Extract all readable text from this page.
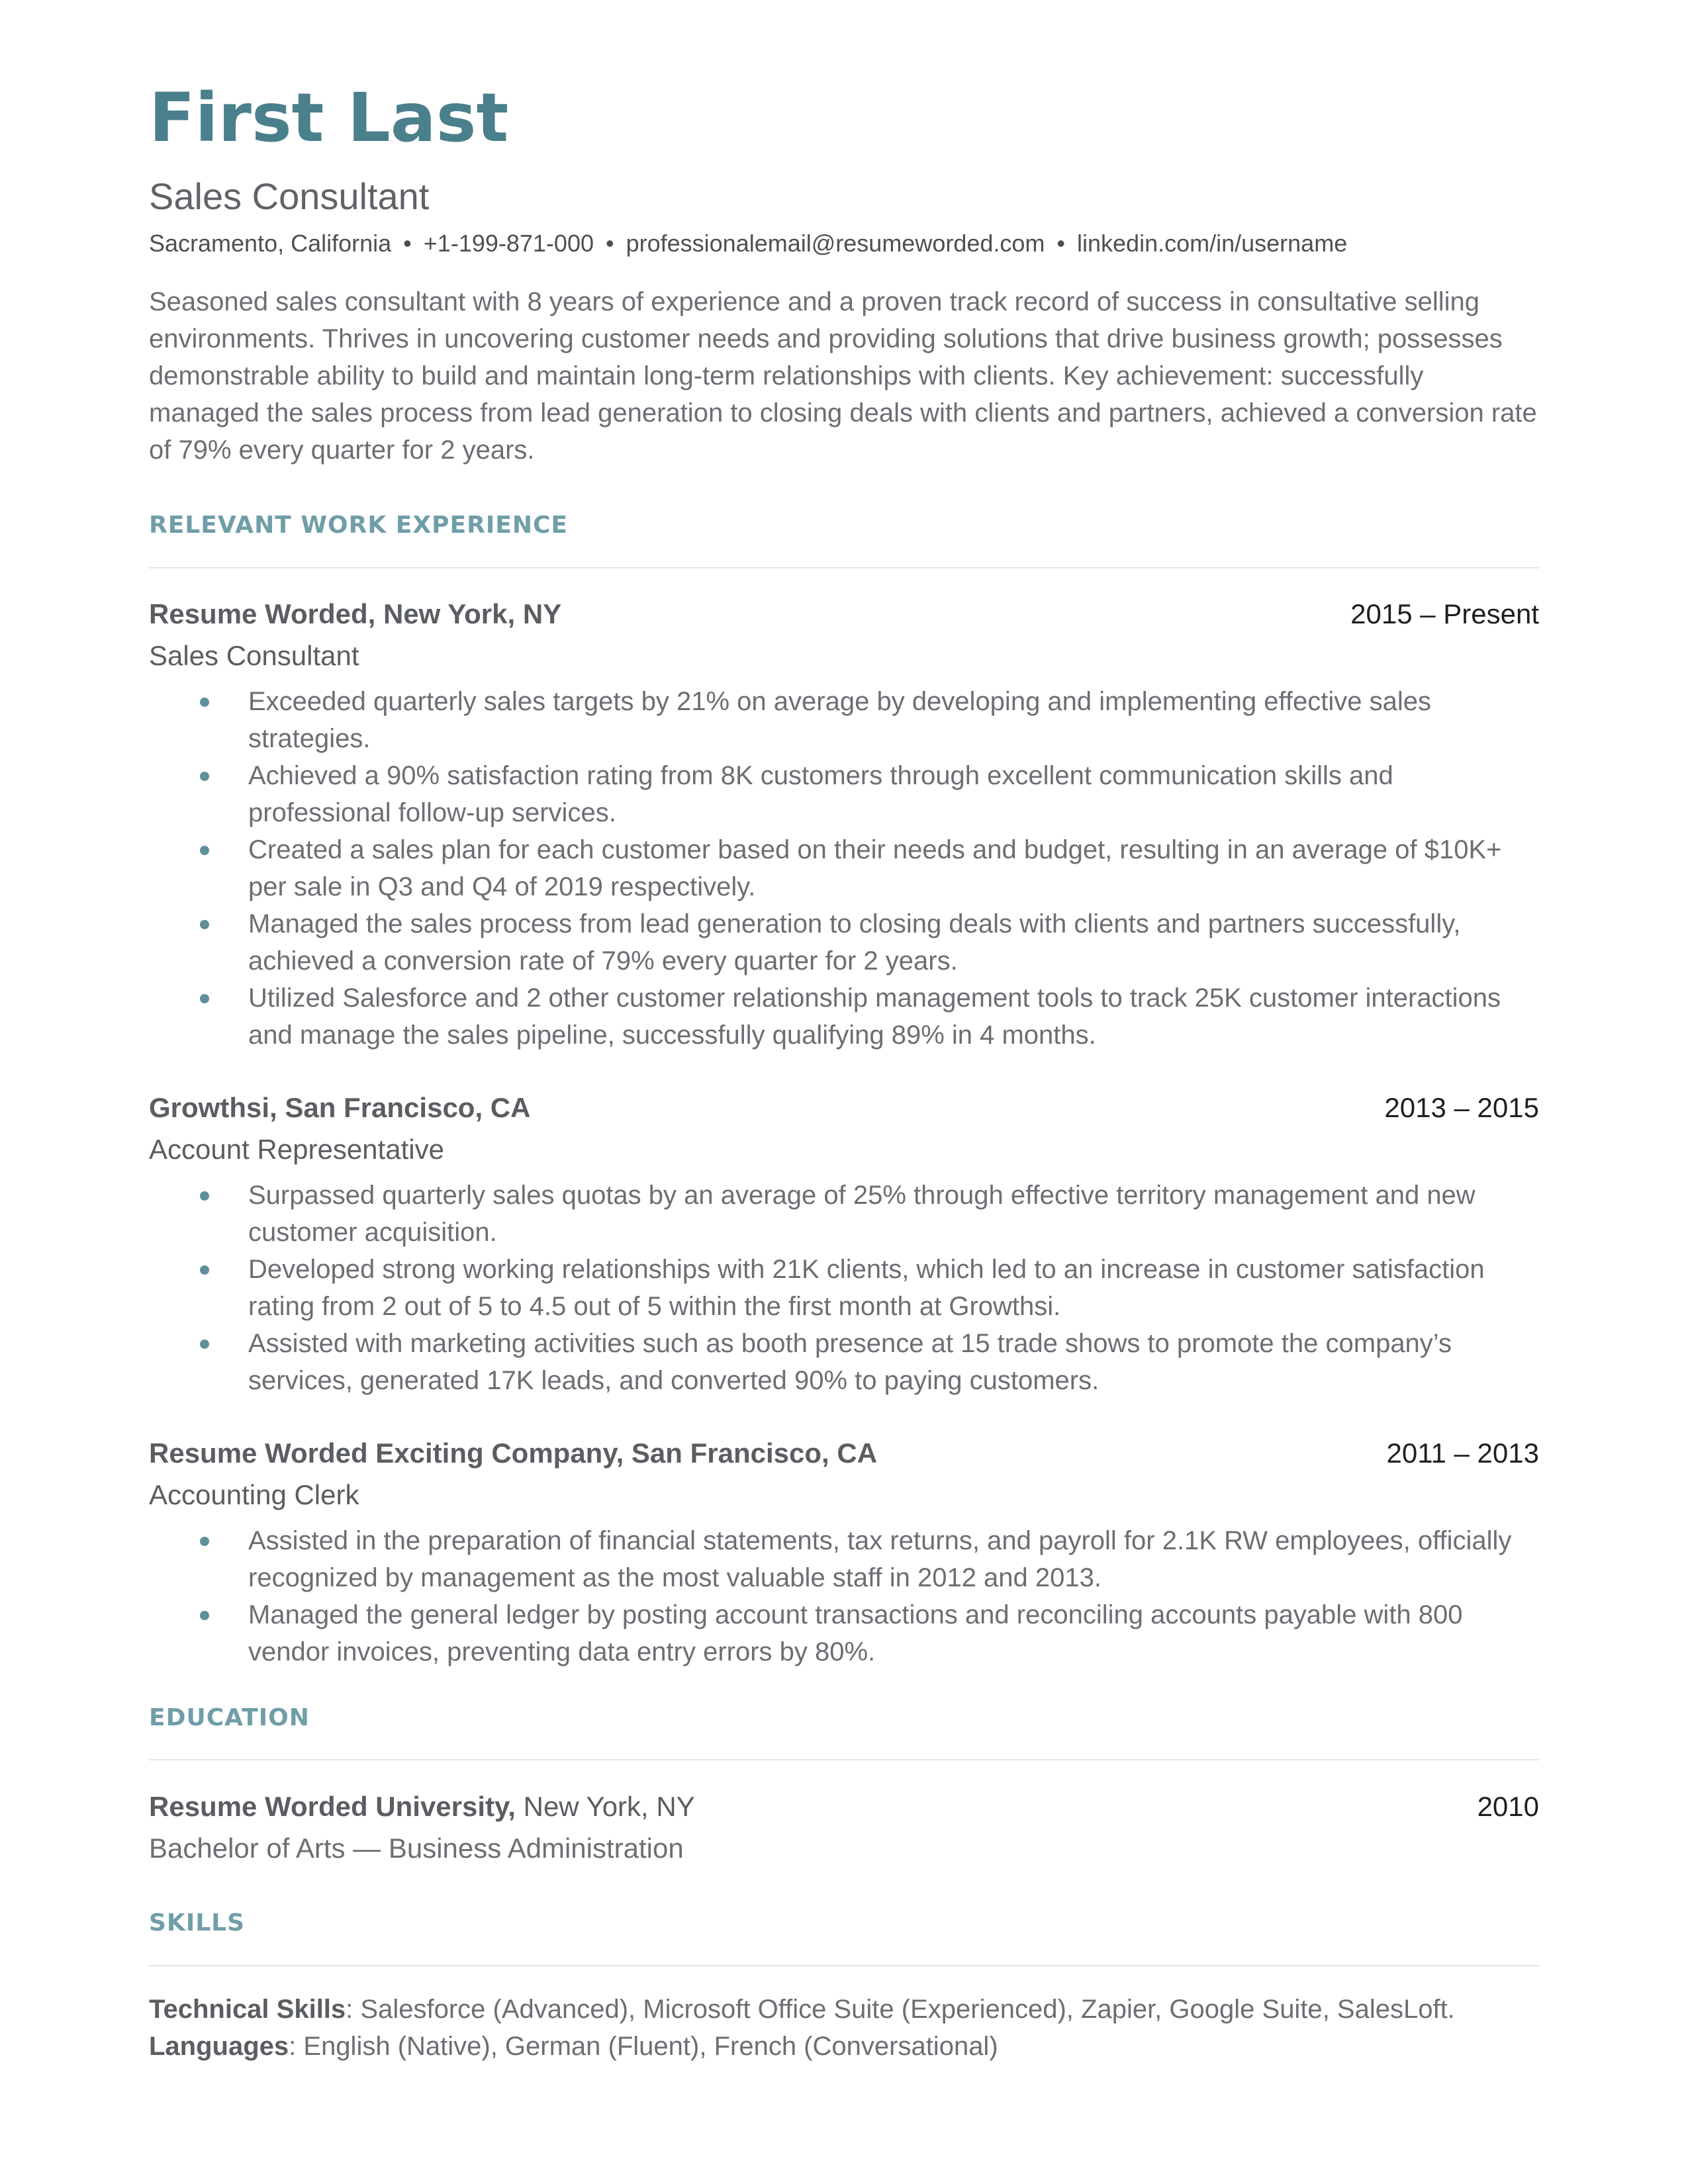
First Last
Sales Consultant
Sacramento, California • +1-199-871-000 • professionalemail@resumeworded.com • linkedin.com/in/username

Seasoned sales consultant with 8 years of experience and a proven track record of success in consultative selling environments. Thrives in uncovering customer needs and providing solutions that drive business growth; possesses demonstrable ability to build and maintain long-term relationships with clients. Key achievement: successfully managed the sales process from lead generation to closing deals with clients and partners, achieved a conversion rate of 79% every quarter for 2 years.

RELEVANT WORK EXPERIENCE
Resume Worded, New York, NY	2015 – Present
Sales Consultant
Exceeded quarterly sales targets by 21% on average by developing and implementing effective sales strategies.
Achieved a 90% satisfaction rating from 8K customers through excellent communication skills and professional follow-up services.
Created a sales plan for each customer based on their needs and budget, resulting in an average of $10K+ per sale in Q3 and Q4 of 2019 respectively.
Managed the sales process from lead generation to closing deals with clients and partners successfully, achieved a conversion rate of 79% every quarter for 2 years.
Utilized Salesforce and 2 other customer relationship management tools to track 25K customer interactions and manage the sales pipeline, successfully qualifying 89% in 4 months.
Growthsi, San Francisco, CA	2013 – 2015
Account Representative
Surpassed quarterly sales quotas by an average of 25% through effective territory management and new customer acquisition.
Developed strong working relationships with 21K clients, which led to an increase in customer satisfaction rating from 2 out of 5 to 4.5 out of 5 within the first month at Growthsi.
Assisted with marketing activities such as booth presence at 15 trade shows to promote the company’s services, generated 17K leads, and converted 90% to paying customers.
Resume Worded Exciting Company, San Francisco, CA	2011 – 2013
Accounting Clerk
Assisted in the preparation of financial statements, tax returns, and payroll for 2.1K RW employees, officially recognized by management as the most valuable staff in 2012 and 2013.
Managed the general ledger by posting account transactions and reconciling accounts payable with 800 vendor invoices, preventing data entry errors by 80%.
EDUCATION
Resume Worded University, New York, NY	2010
Bachelor of Arts — Business Administration
SKILLS
Technical Skills: Salesforce (Advanced), Microsoft Office Suite (Experienced), Zapier, Google Suite, SalesLoft.
Languages: English (Native), German (Fluent), French (Conversational)
